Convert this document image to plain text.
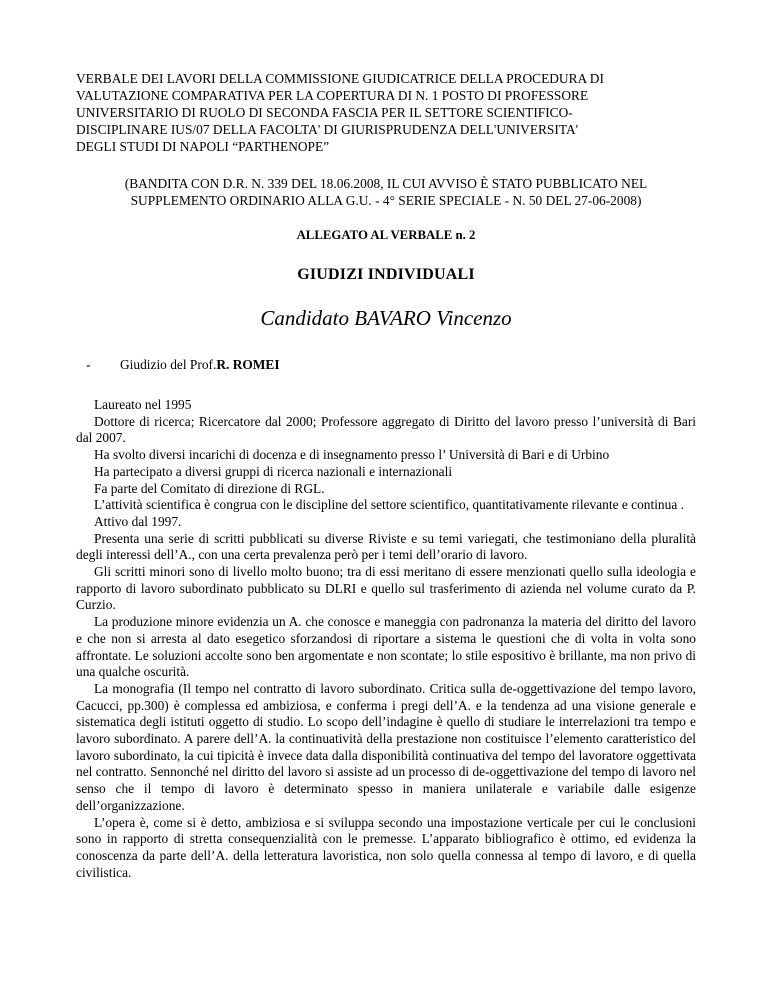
VERBALE DEI LAVORI DELLA COMMISSIONE GIUDICATRICE DELLA PROCEDURA DI
VALUTAZIONE COMPARATIVA PER LA COPERTURA DI N. 1 POSTO DI PROFESSORE
UNIVERSITARIO DI RUOLO DI SECONDA FASCIA PER IL SETTORE SCIENTIFICO-
DISCIPLINARE IUS/07 DELLA FACOLTA' DI GIURISPRUDENZA DELL'UNIVERSITA'
DEGLI STUDI DI NAPOLI “PARTHENOPE”
(BANDITA CON D.R. N. 339 DEL 18.06.2008, IL CUI AVVISO È STATO PUBBLICATO NEL
SUPPLEMENTO ORDINARIO ALLA G.U. - 4° SERIE SPECIALE - N. 50 DEL 27-06-2008)
ALLEGATO AL VERBALE n. 2
GIUDIZI INDIVIDUALI
Candidato BAVARO Vincenzo
-	Giudizio del Prof. R. ROMEI

Laureato nel 1995

Dottore di ricerca; Ricercatore dal 2000; Professore aggregato di Diritto del lavoro presso l’università di Bari dal 2007.

Ha svolto diversi incarichi di docenza e di insegnamento presso l’ Università di Bari e di Urbino

Ha partecipato a diversi gruppi di ricerca nazionali e internazionali

Fa parte del Comitato di direzione di RGL.

L’attività scientifica è congrua con le discipline del settore scientifico, quantitativamente rilevante e continua .

Attivo dal 1997.

Presenta una serie di scritti pubblicati su diverse Riviste e su temi variegati, che testimoniano della pluralità degli interessi dell’A., con una certa prevalenza però per i temi dell’orario di lavoro.

Gli scritti minori sono di livello molto buono; tra di essi meritano di essere menzionati quello sulla ideologia e rapporto di lavoro subordinato pubblicato su DLRI e quello sul trasferimento di azienda nel volume curato da P. Curzio.

La produzione minore evidenzia un A. che conosce e maneggia con padronanza la materia del diritto del lavoro e che non si arresta al dato esegetico sforzandosi di riportare a sistema le questioni che di volta in volta sono affrontate. Le soluzioni accolte sono ben argomentate e non scontate; lo stile espositivo è brillante, ma non privo di una qualche oscurità.

La monografia (Il tempo nel contratto di lavoro subordinato. Critica sulla de-oggettivazione del tempo lavoro, Cacucci, pp.300) è complessa ed ambiziosa, e conferma i pregi dell’A. e la tendenza ad una visione generale e sistematica degli istituti oggetto di studio. Lo scopo dell’indagine è quello di studiare le interrelazioni tra tempo e lavoro subordinato. A parere dell’A. la continuatività della prestazione non costituisce l’elemento caratteristico del lavoro subordinato, la cui tipicità è invece data dalla disponibilità continuativa del tempo del lavoratore oggettivata nel contratto. Sennonché nel diritto del lavoro si assiste ad un processo di de-oggettivazione del tempo di lavoro nel senso che il tempo di lavoro è determinato spesso in maniera unilaterale e variabile dalle esigenze dell’organizzazione.

L’opera è, come si è detto, ambiziosa e si sviluppa secondo una impostazione verticale per cui le conclusioni sono in rapporto di stretta consequenzialità con le premesse. L’apparato bibliografico è ottimo, ed evidenza la conoscenza da parte dell’A. della letteratura lavoristica, non solo quella connessa al tempo di lavoro, e di quella civilistica.
